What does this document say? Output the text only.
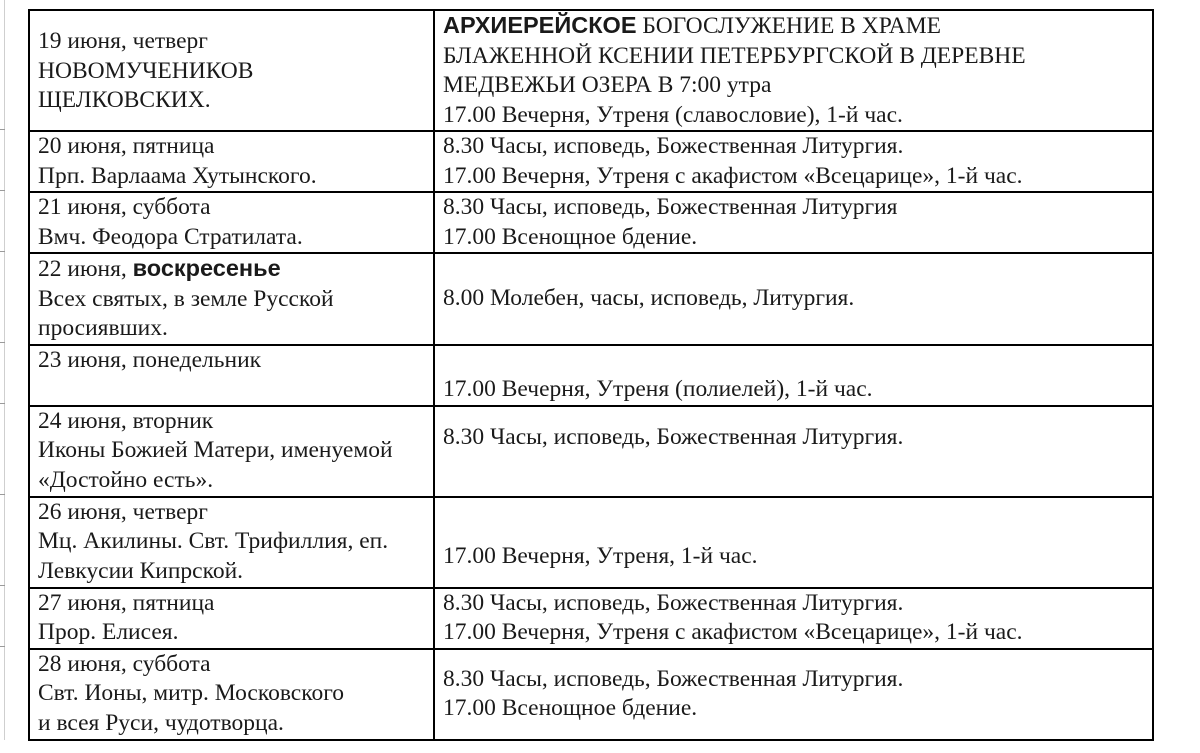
19 июня, четверг
НОВОМУЧЕНИКОВ
ЩЕЛКОВСКИХ.	АРХИЕРЕЙСКОЕ БОГОСЛУЖЕНИЕ В ХРАМЕ
БЛАЖЕННОЙ КСЕНИИ ПЕТЕРБУРГСКОЙ В ДЕРЕВНЕ
МЕДВЕЖЬИ ОЗЕРА В 7:00 утра
17.00 Вечерня, Утреня (славословие), 1-й час.

20 июня, пятница
Прп. Варлаама Хутынского.	8.30 Часы, исповедь, Божественная Литургия.
17.00 Вечерня, Утреня с акафистом «Всецарице», 1-й час.

21 июня, суббота
Вмч. Феодора Стратилата.	8.30 Часы, исповедь, Божественная Литургия
17.00 Всенощное бдение.

22 июня, воскресенье
Всех святых, в земле Русской
просиявших.	8.00 Молебен, часы, исповедь, Литургия.

23 июня, понедельник	17.00 Вечерня, Утреня (полиелей), 1-й час.

24 июня, вторник
Иконы Божией Матери, именуемой
«Достойно есть».	8.30 Часы, исповедь, Божественная Литургия.

26 июня, четверг
Мц. Акилины. Свт. Трифиллия, еп.
Левкусии Кипрской.	17.00 Вечерня, Утреня, 1-й час.

27 июня, пятница
Прор. Елисея.	8.30 Часы, исповедь, Божественная Литургия.
17.00 Вечерня, Утреня с акафистом «Всецарице», 1-й час.

28 июня, суббота
Свт. Ионы, митр. Московского
и всея Руси, чудотворца.	8.30 Часы, исповедь, Божественная Литургия.
17.00 Всенощное бдение.
